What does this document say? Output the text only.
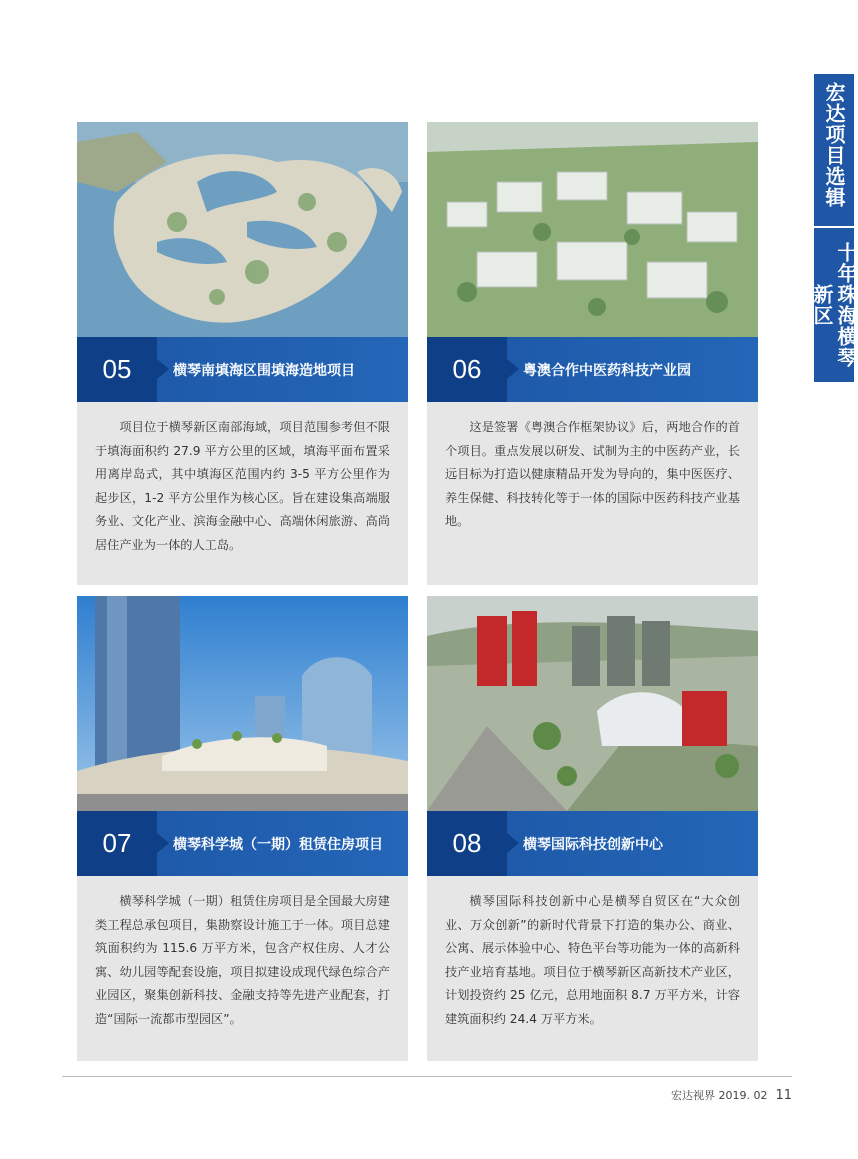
宏达项目选辑
十年珠海横琴新区
05	横琴南填海区围填海造地项目
项目位于横琴新区南部海域，项目范围参考但不限于填海面积约 27.9 平方公里的区域，填海平面布置采用离岸岛式，其中填海区范围内约 3-5 平方公里作为起步区，1-2 平方公里作为核心区。旨在建设集高端服务业、文化产业、滨海金融中心、高端休闲旅游、高尚居住产业为一体的人工岛。
06	粤澳合作中医药科技产业园
这是签署《粤澳合作框架协议》后，两地合作的首个项目。重点发展以研发、试制为主的中医药产业，长远目标为打造以健康精品开发为导向的，集中医医疗、养生保健、科技转化等于一体的国际中医药科技产业基地。
07	横琴科学城（一期）租赁住房项目
横琴科学城（一期）租赁住房项目是全国最大房建类工程总承包项目，集勘察设计施工于一体。项目总建筑面积约为 115.6 万平方米，包含产权住房、人才公寓、幼儿园等配套设施，项目拟建设成现代绿色综合产业园区，聚集创新科技、金融支持等先进产业配套，打造“国际一流都市型园区”。
08	横琴国际科技创新中心
横琴国际科技创新中心是横琴自贸区在“大众创业、万众创新”的新时代背景下打造的集办公、商业、公寓、展示体验中心、特色平台等功能为一体的高新科技产业培育基地。项目位于横琴新区高新技术产业区，计划投资约 25 亿元，总用地面积 8.7 万平方米，计容建筑面积约 24.4 万平方米。
宏达视界 2019. 02 11
